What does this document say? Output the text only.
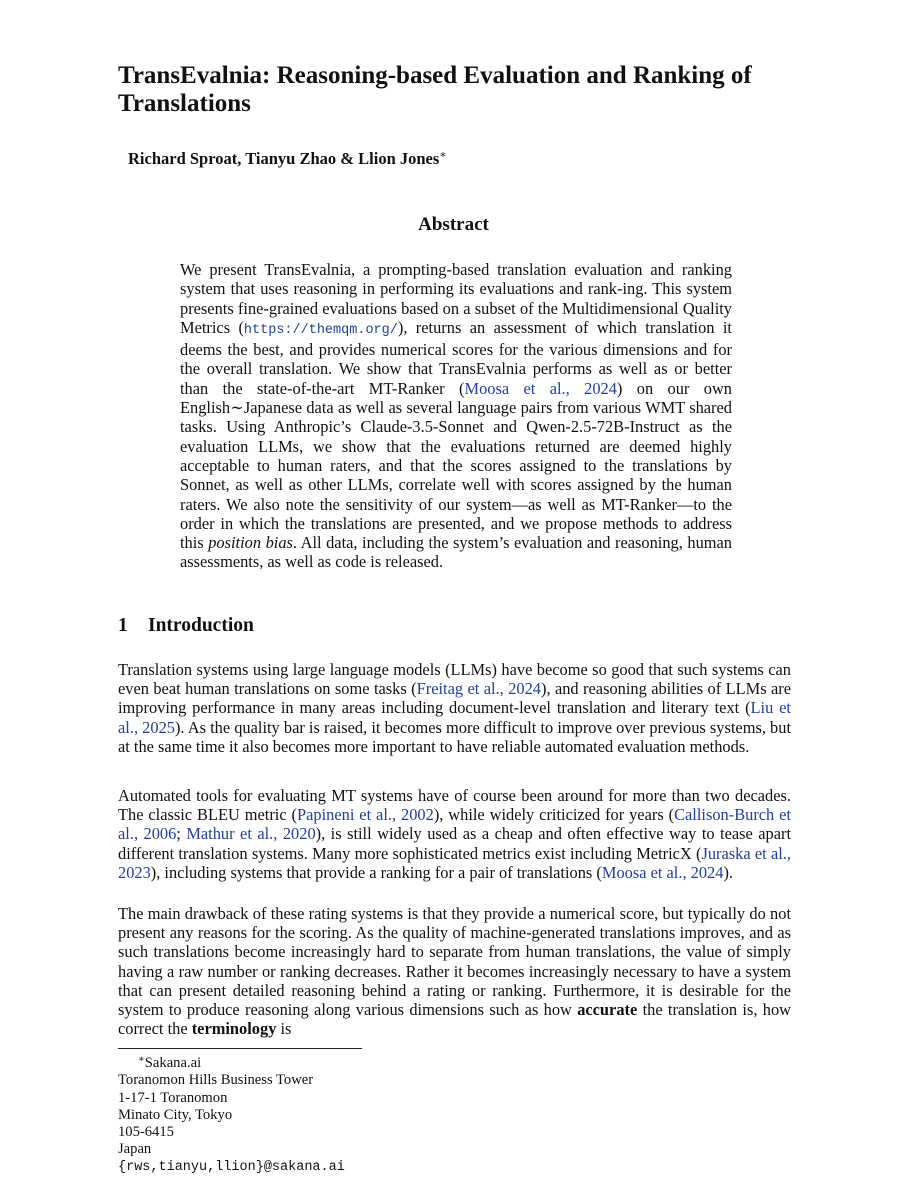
TransEvalnia: Reasoning-based Evaluation and Ranking of Translations

Richard Sproat, Tianyu Zhao & Llion Jones∗

Abstract

We present TransEvalnia, a prompting-based translation evaluation and ranking system that uses reasoning in performing its evaluations and rank-ing. This system presents fine-grained evaluations based on a subset of the Multidimensional Quality Metrics (https://themqm.org/), returns an assessment of which translation it deems the best, and provides numerical scores for the various dimensions and for the overall translation. We show that TransEvalnia performs as well as or better than the state-of-the-art MT-Ranker (Moosa et al., 2024) on our own English∼Japanese data as well as several language pairs from various WMT shared tasks. Using Anthropic’s Claude-3.5-Sonnet and Qwen-2.5-72B-Instruct as the evaluation LLMs, we show that the evaluations returned are deemed highly acceptable to human raters, and that the scores assigned to the translations by Sonnet, as well as other LLMs, correlate well with scores assigned by the human raters. We also note the sensitivity of our system—as well as MT-Ranker—to the order in which the translations are presented, and we propose methods to address this position bias. All data, including the system’s evaluation and reasoning, human assessments, as well as code is released.

1 Introduction

Translation systems using large language models (LLMs) have become so good that such systems can even beat human translations on some tasks (Freitag et al., 2024), and reasoning abilities of LLMs are improving performance in many areas including document-level translation and literary text (Liu et al., 2025). As the quality bar is raised, it becomes more difficult to improve over previous systems, but at the same time it also becomes more important to have reliable automated evaluation methods.

Automated tools for evaluating MT systems have of course been around for more than two decades. The classic BLEU metric (Papineni et al., 2002), while widely criticized for years (Callison-Burch et al., 2006; Mathur et al., 2020), is still widely used as a cheap and often effective way to tease apart different translation systems. Many more sophisticated metrics exist including MetricX (Juraska et al., 2023), including systems that provide a ranking for a pair of translations (Moosa et al., 2024).

The main drawback of these rating systems is that they provide a numerical score, but typically do not present any reasons for the scoring. As the quality of machine-generated translations improves, and as such translations become increasingly hard to separate from human translations, the value of simply having a raw number or ranking decreases. Rather it becomes increasingly necessary to have a system that can present detailed reasoning behind a rating or ranking. Furthermore, it is desirable for the system to produce reasoning along various dimensions such as how accurate the translation is, how correct the terminology is

∗Sakana.ai
Toranomon Hills Business Tower
1-17-1 Toranomon
Minato City, Tokyo
105-6415
Japan
{rws,tianyu,llion}@sakana.ai
